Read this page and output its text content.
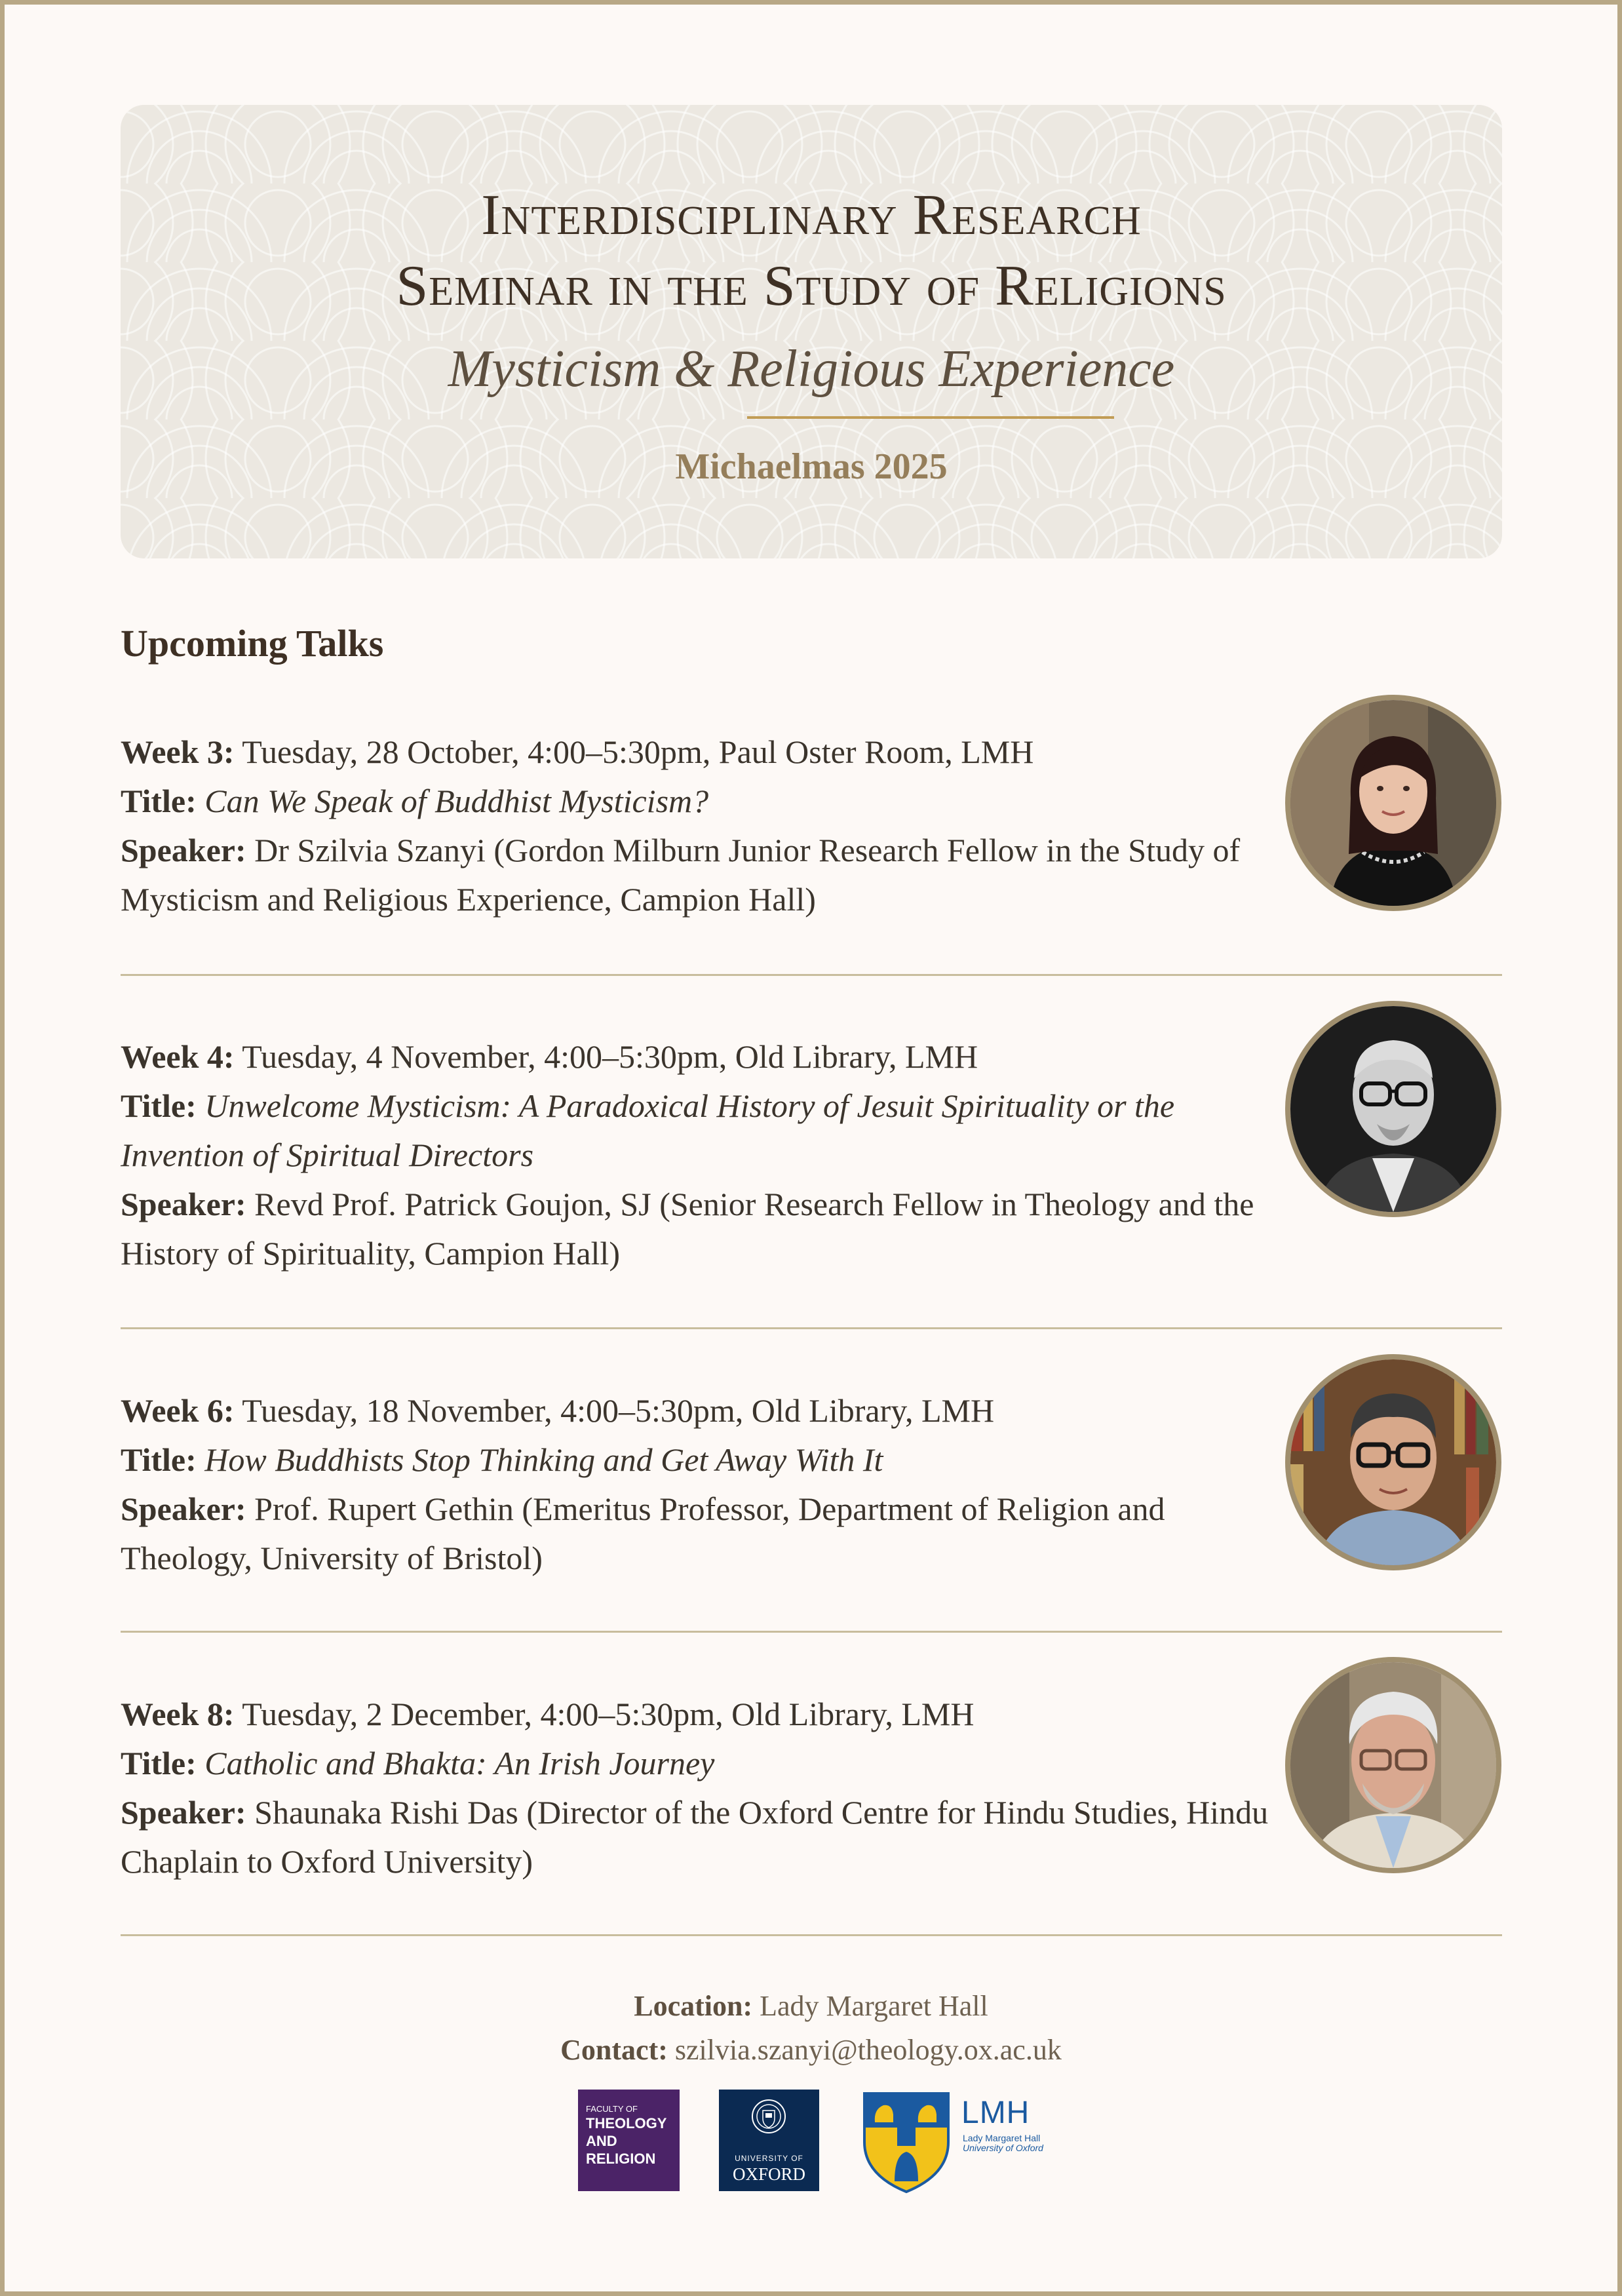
Interdisciplinary Research
Seminar in the Study of Religions
Mysticism & Religious Experience
Michaelmas 2025
Upcoming Talks

Week 3: Tuesday, 28 October, 4:00–5:30pm, Paul Oster Room, LMH

Title: Can We Speak of Buddhist Mysticism?

Speaker: Dr Szilvia Szanyi (Gordon Milburn Junior Research Fellow in the Study of Mysticism and Religious Experience, Campion Hall)

Week 4: Tuesday, 4 November, 4:00–5:30pm, Old Library, LMH

Title: Unwelcome Mysticism: A Paradoxical History of Jesuit Spirituality or the Invention of Spiritual Directors

Speaker: Revd Prof. Patrick Goujon, SJ (Senior Research Fellow in Theology and the History of Spirituality, Campion Hall)

Week 6: Tuesday, 18 November, 4:00–5:30pm, Old Library, LMH

Title: How Buddhists Stop Thinking and Get Away With It

Speaker: Prof. Rupert Gethin (Emeritus Professor, Department of Religion and Theology, University of Bristol)

Week 8: Tuesday, 2 December, 4:00–5:30pm, Old Library, LMH

Title: Catholic and Bhakta: An Irish Journey

Speaker: Shaunaka Rishi Das (Director of the Oxford Centre for Hindu Studies, Hindu Chaplain to Oxford University)

Location: Lady Margaret Hall
Contact: szilvia.szanyi@theology.ox.ac.uk
FACULTY OF
THEOLOGY
AND
RELIGION	UNIVERSITY OF
OXFORD
LMH
Lady Margaret Hall
University of Oxford
